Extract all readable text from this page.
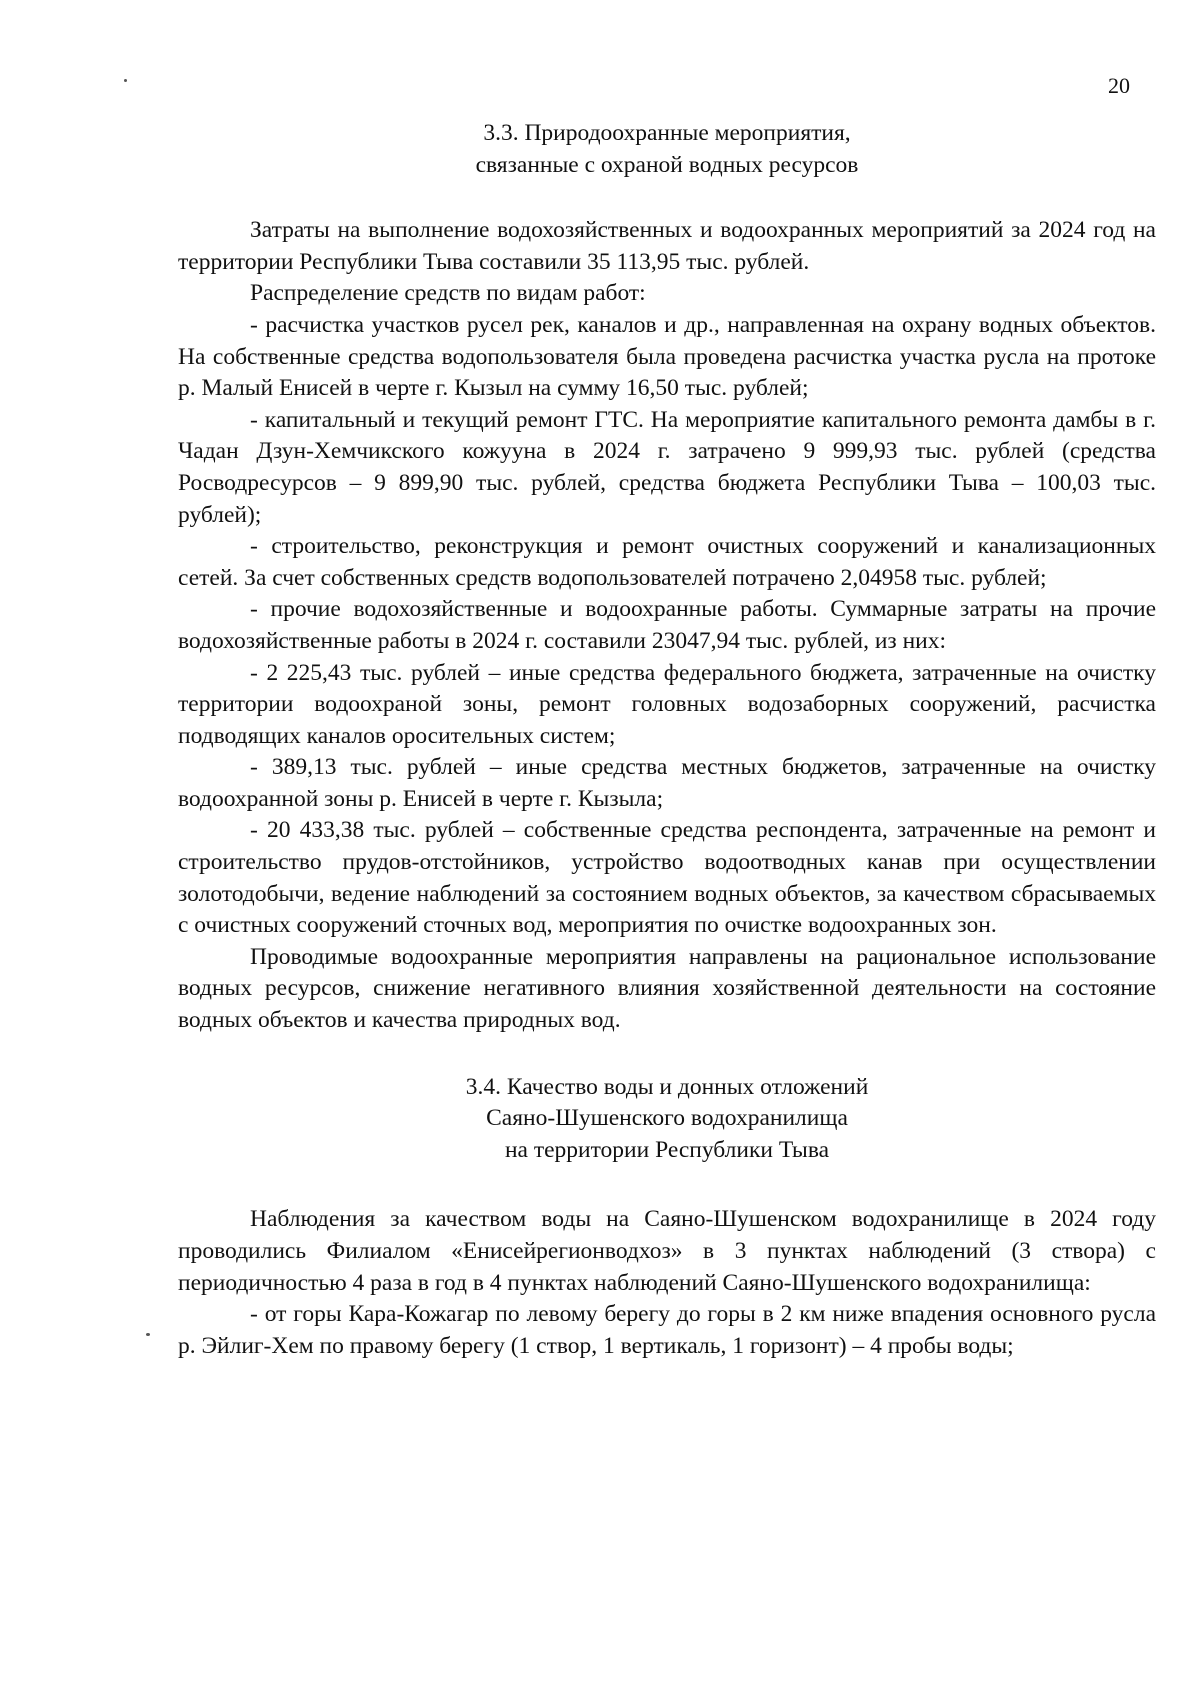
20
3.3. Природоохранные мероприятия,
связанные с охраной водных ресурсов

Затраты на выполнение водохозяйственных и водоохранных мероприятий за 2024 год на территории Республики Тыва составили 35 113,95 тыс. рублей.

Распределение средств по видам работ:

- расчистка участков русел рек, каналов и др., направленная на охрану водных объектов. На собственные средства водопользователя была проведена расчистка участка русла на протоке р. Малый Енисей в черте г. Кызыл на сумму 16,50 тыс. рублей;

- капитальный и текущий ремонт ГТС. На мероприятие капитального ремонта дамбы в г. Чадан Дзун-Хемчикского кожууна в 2024 г. затрачено 9 999,93 тыс. рублей (средства Росводресурсов – 9 899,90 тыс. рублей, средства бюджета Республики Тыва – 100,03 тыс. рублей);

- строительство, реконструкция и ремонт очистных сооружений и канализационных сетей. За счет собственных средств водопользователей потрачено 2,04958 тыс. рублей;

- прочие водохозяйственные и водоохранные работы. Суммарные затраты на прочие водохозяйственные работы в 2024 г. составили 23047,94 тыс. рублей, из них:

- 2 225,43 тыс. рублей – иные средства федерального бюджета, затраченные на очистку территории водоохраной зоны, ремонт головных водозаборных сооружений, расчистка подводящих каналов оросительных систем;

- 389,13 тыс. рублей – иные средства местных бюджетов, затраченные на очистку водоохранной зоны р. Енисей в черте г. Кызыла;

- 20 433,38 тыс. рублей – собственные средства респондента, затраченные на ремонт и строительство прудов-отстойников, устройство водоотводных канав при осуществлении золотодобычи, ведение наблюдений за состоянием водных объектов, за качеством сбрасываемых с очистных сооружений сточных вод, мероприятия по очистке водоохранных зон.

Проводимые водоохранные мероприятия направлены на рациональное использование водных ресурсов, снижение негативного влияния хозяйственной деятельности на состояние водных объектов и качества природных вод.

3.4. Качество воды и донных отложений
Саяно-Шушенского водохранилища
на территории Республики Тыва

Наблюдения за качеством воды на Саяно-Шушенском водохранилище в 2024 году проводились Филиалом «Енисейрегионводхоз» в 3 пунктах наблюдений (3 створа) с периодичностью 4 раза в год в 4 пунктах наблюдений Саяно-Шушенского водохранилища:

- от горы Кара-Кожагар по левому берегу до горы в 2 км ниже впадения основного русла р. Эйлиг-Хем по правому берегу (1 створ, 1 вертикаль, 1 горизонт) – 4 пробы воды;
